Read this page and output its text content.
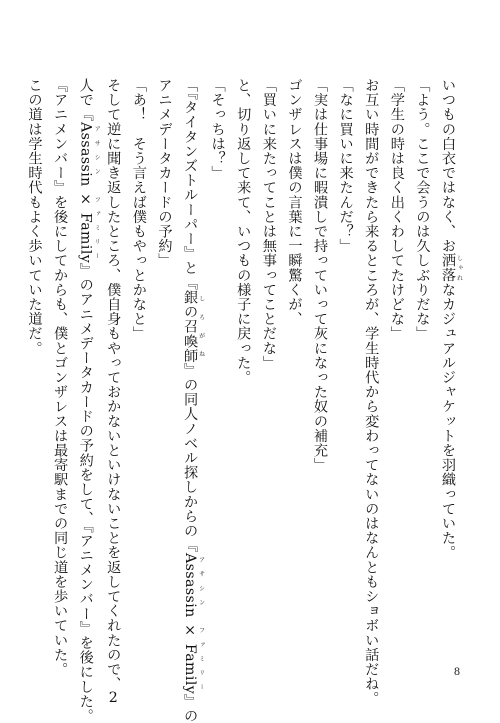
いつもの白衣ではなく、お洒落 しゃれなカジュアルジャケットを羽織っていた。
「よう。ここで会うのは久しぶりだな」
「学生の時は良く出くわしてたけどな」
お互い時間ができたら来るところが、学生時代から変わってないのはなんともショボい話だね。
「なに買いに来たんだ？」
「実は仕事場に暇潰しで持っていって灰になった奴の補充」
ゴンザレスは僕の言葉に一瞬驚くが、
「買いに来たってことは無事ってことだな」
と、切り返して来て、いつもの様子に戻った。
「そっちは？」
「『タイタンズトルーパー』と『銀の召喚師 しろがね』の同人ノベル探しからの『Assassin × Family アサシン　ファミリー』の
アニメデータカードの予約」
「あ！　そう言えば僕もやっとかなと」
そして逆に聞き返したところ、僕自身もやっておかないといけないことを返してくれたので、2
人で『Assassin × Family アサシン　ファミリー』のアニメデータカードの予約をして、『アニメンバー』を後にした。
『アニメンバー』を後にしてからも、僕とゴンザレスは最寄駅までの同じ道を歩いていた。
この道は学生時代もよく歩いていた道だ。
8
